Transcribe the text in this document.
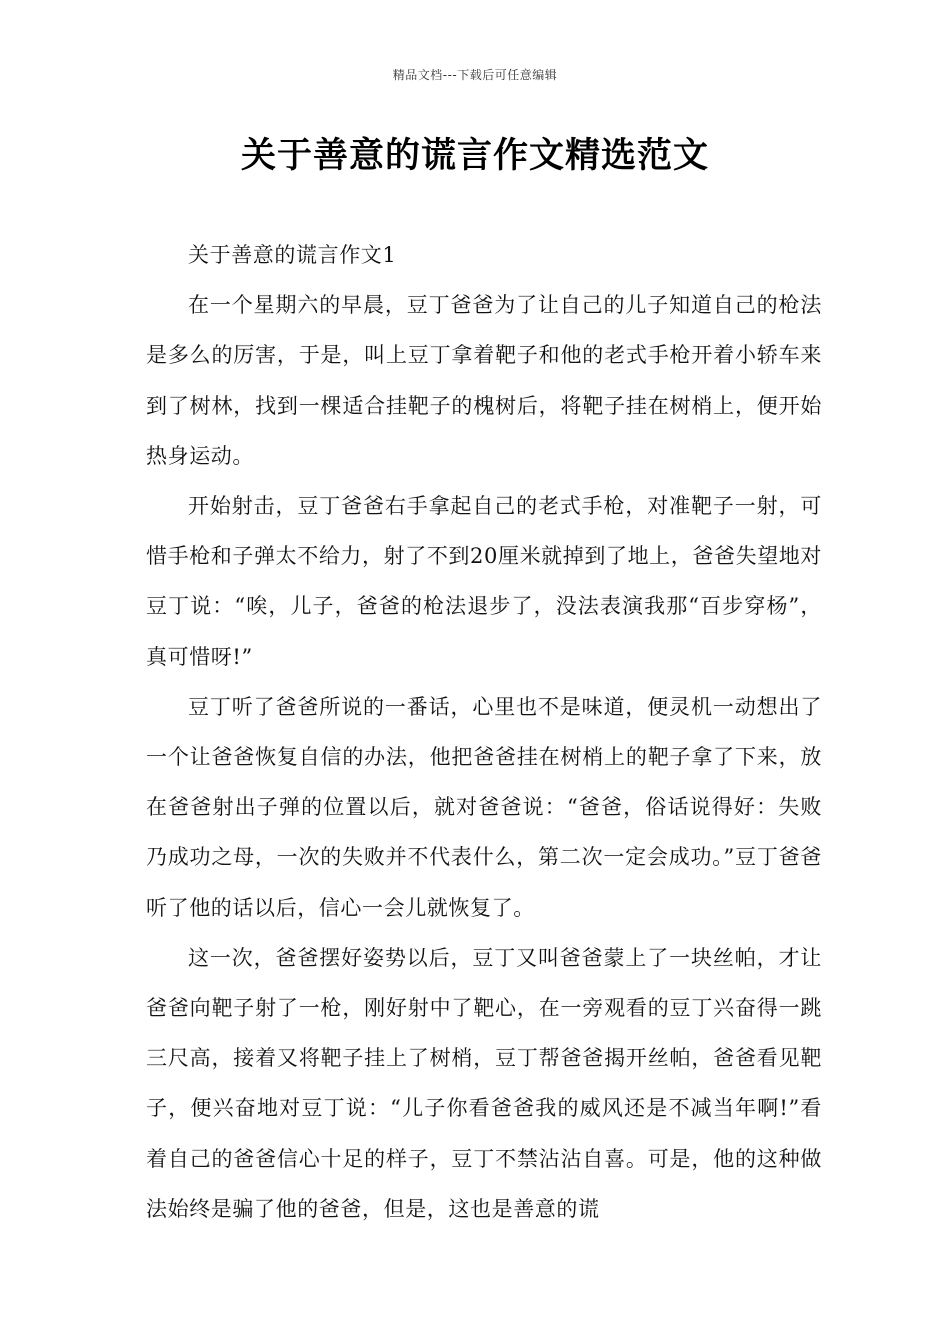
精品文档---下载后可任意编辑
关于善意的谎言作文精选范文

关于善意的谎言作文1

在一个星期六的早晨，豆丁爸爸为了让自己的儿子知道自己的枪法是多么的厉害，于是，叫上豆丁拿着靶子和他的老式手枪开着小轿车来到了树林，找到一棵适合挂靶子的槐树后，将靶子挂在树梢上，便开始热身运动。

开始射击，豆丁爸爸右手拿起自己的老式手枪，对准靶子一射，可惜手枪和子弹太不给力，射了不到20厘米就掉到了地上，爸爸失望地对豆丁说：“唉，儿子，爸爸的枪法退步了，没法表演我那“百步穿杨”，真可惜呀!”

豆丁听了爸爸所说的一番话，心里也不是味道，便灵机一动想出了一个让爸爸恢复自信的办法，他把爸爸挂在树梢上的靶子拿了下来，放在爸爸射出子弹的位置以后，就对爸爸说：“爸爸，俗话说得好：失败乃成功之母，一次的失败并不代表什么，第二次一定会成功。”豆丁爸爸听了他的话以后，信心一会儿就恢复了。

这一次，爸爸摆好姿势以后，豆丁又叫爸爸蒙上了一块丝帕，才让爸爸向靶子射了一枪，刚好射中了靶心，在一旁观看的豆丁兴奋得一跳三尺高，接着又将靶子挂上了树梢，豆丁帮爸爸揭开丝帕，爸爸看见靶子，便兴奋地对豆丁说：“儿子你看爸爸我的威风还是不减当年啊!”看着自己的爸爸信心十足的样子，豆丁不禁沾沾自喜。可是，他的这种做法始终是骗了他的爸爸，但是，这也是善意的谎
